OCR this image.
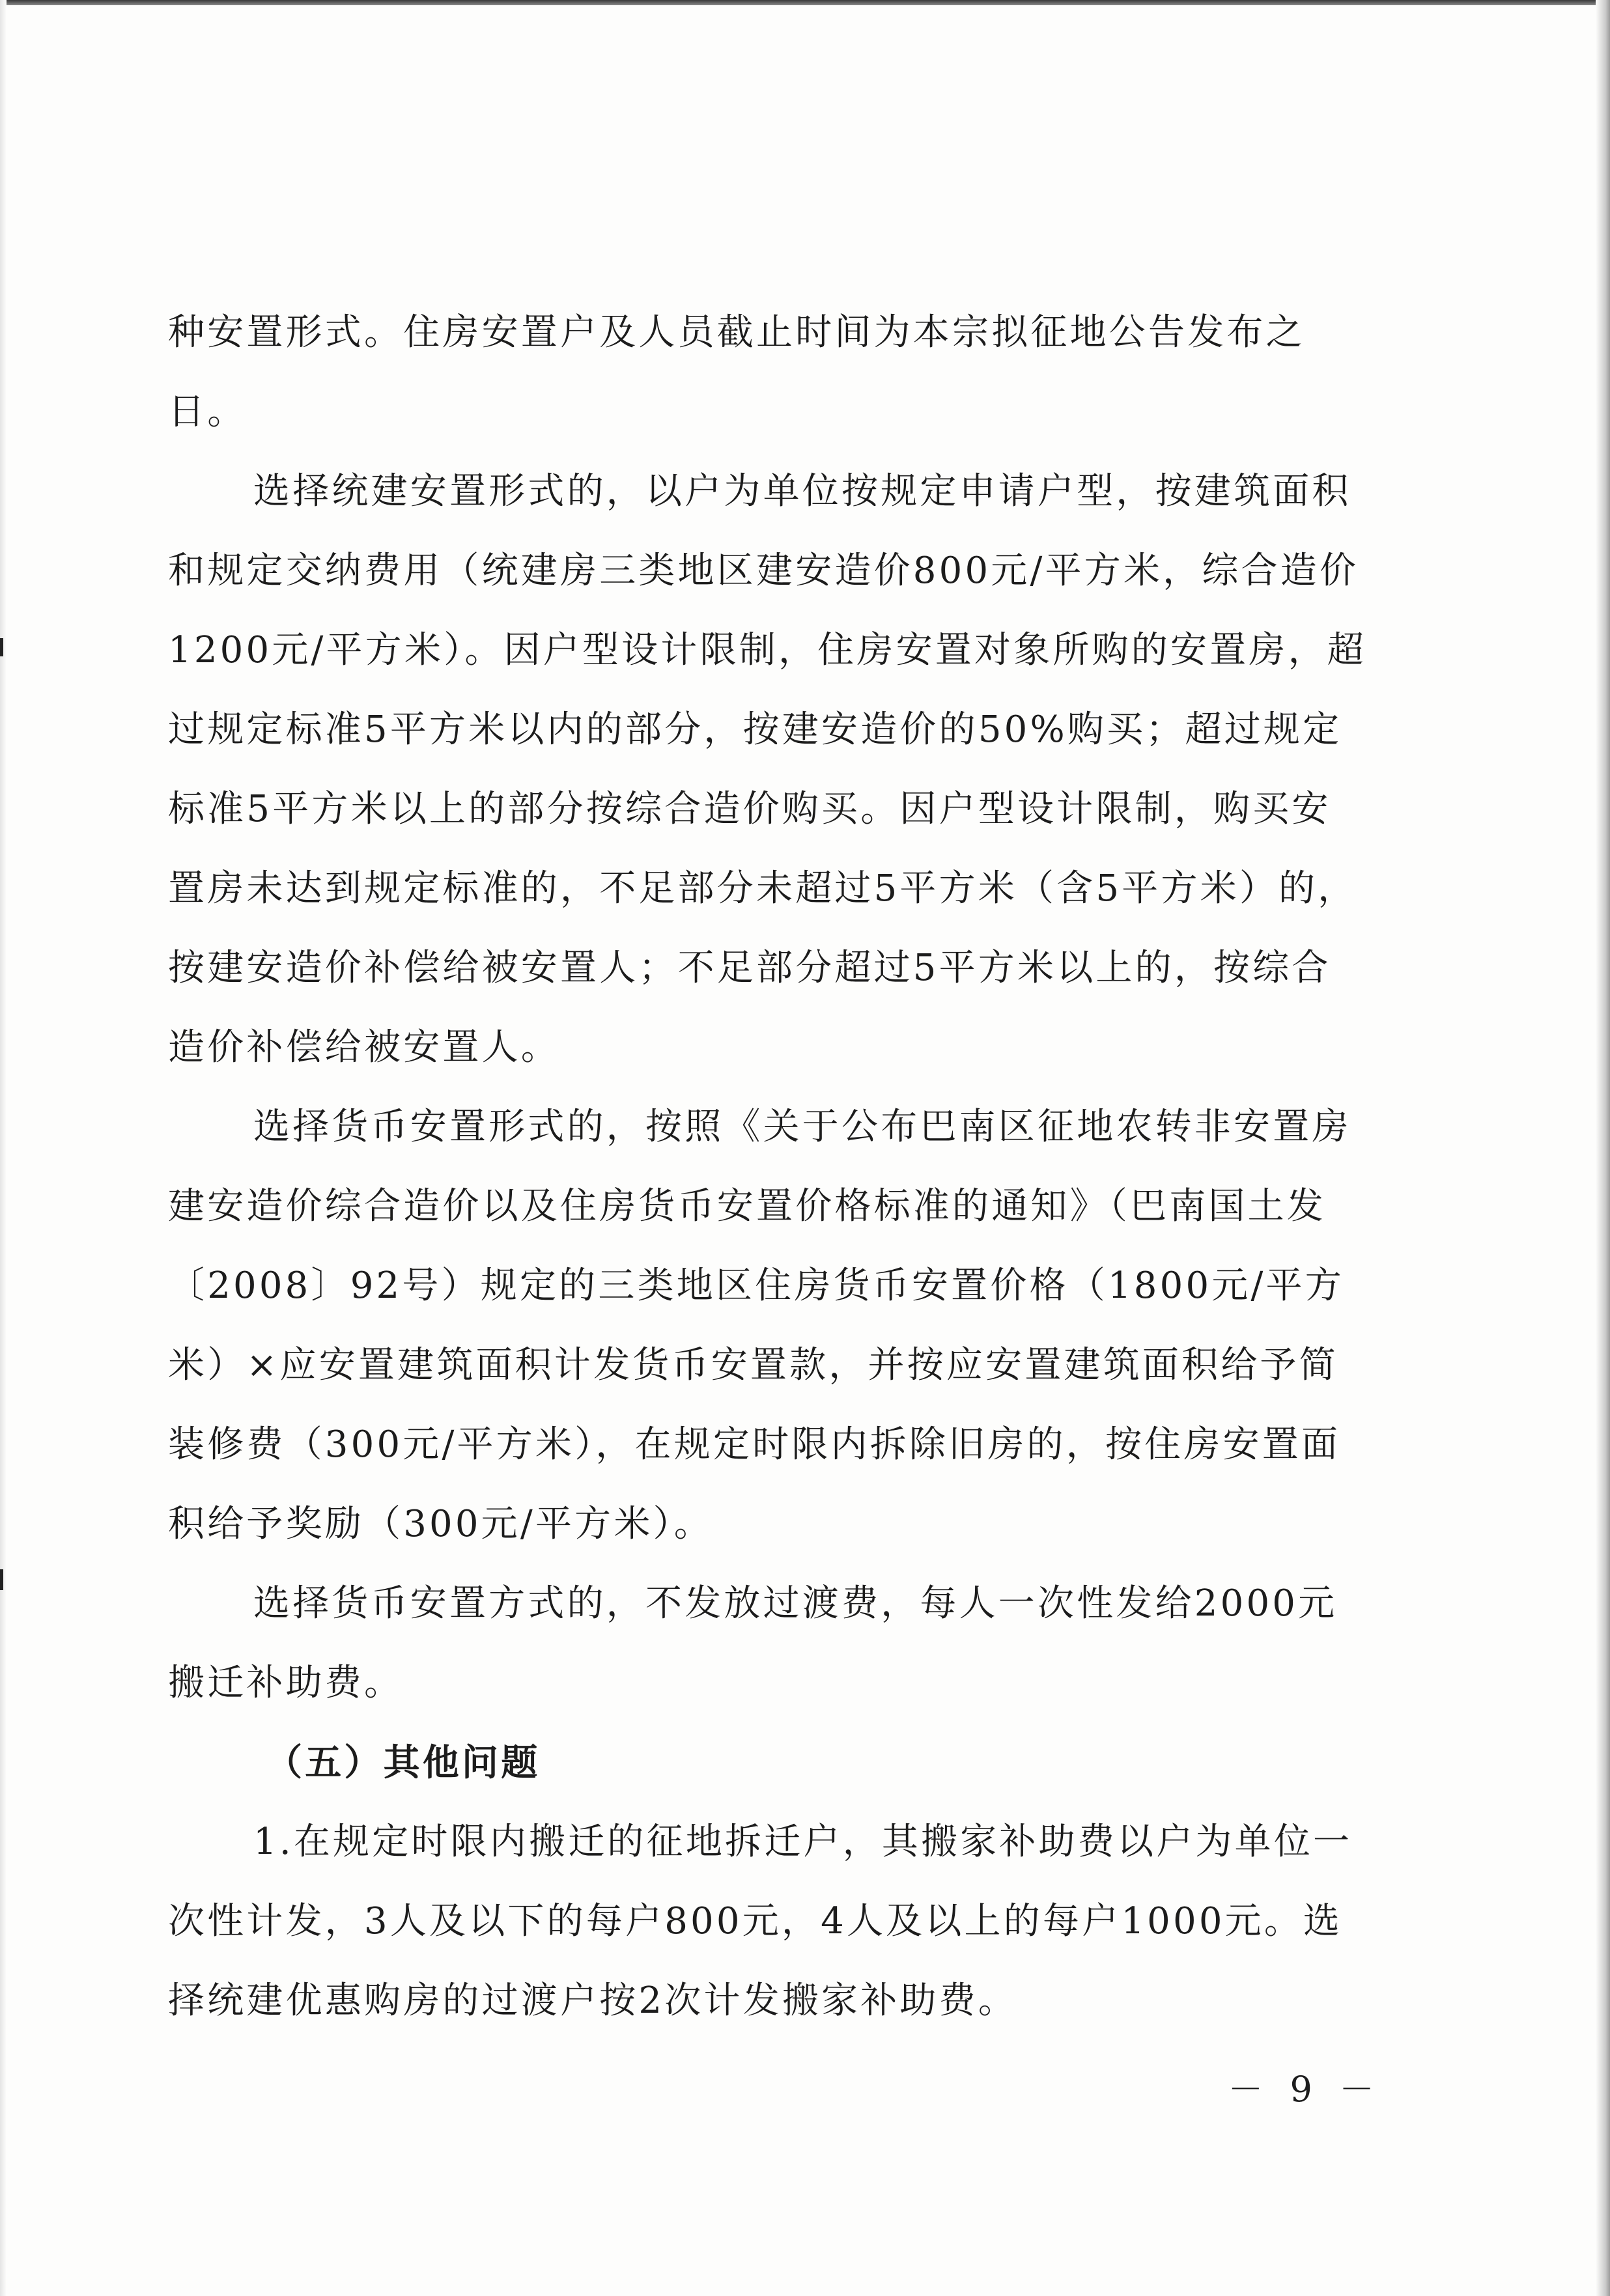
种安置形式。住房安置户及人员截止时间为本宗拟征地公告发布之日。

选择统建安置形式的，以户为单位按规定申请户型，按建筑面积和规定交纳费用（统建房三类地区建安造价800元/平方米，综合造价1200元/平方米）。因户型设计限制，住房安置对象所购的安置房，超过规定标准5平方米以内的部分，按建安造价的50%购买；超过规定标准5平方米以上的部分按综合造价购买。因户型设计限制，购买安置房未达到规定标准的，不足部分未超过5平方米（含5平方米）的，按建安造价补偿给被安置人；不足部分超过5平方米以上的，按综合造价补偿给被安置人。

选择货币安置形式的，按照《关于公布巴南区征地农转非安置房建安造价综合造价以及住房货币安置价格标准的通知》（巴南国土发〔2008〕92号）规定的三类地区住房货币安置价格（1800元/平方米）×应安置建筑面积计发货币安置款，并按应安置建筑面积给予简装修费（300元/平方米），在规定时限内拆除旧房的，按住房安置面积给予奖励（300元/平方米）。

选择货币安置方式的，不发放过渡费，每人一次性发给2000元搬迁补助费。

（五）其他问题

1.在规定时限内搬迁的征地拆迁户，其搬家补助费以户为单位一次性计发，3人及以下的每户800元，4人及以上的每户1000元。选择统建优惠购房的过渡户按2次计发搬家补助费。

－ 9 －
